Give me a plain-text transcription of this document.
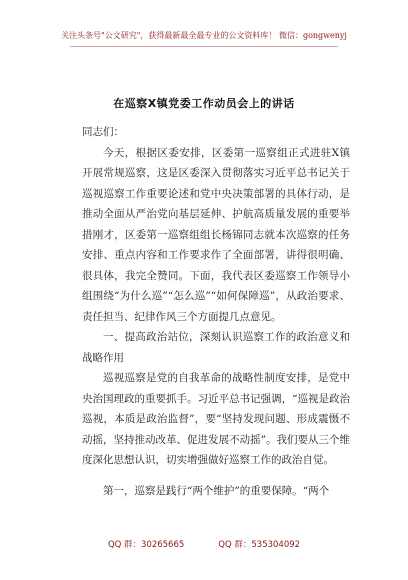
关注头条号"公文研究"，获得最新最全最专业的公文资料库！ 微信：gongwenyj
在巡察X镇党委工作动员会上的讲话

同志们：

今天，根据区委安排，区委第一巡察组正式进驻X镇开展常规巡察，这是区委深入贯彻落实习近平总书记关于巡视巡察工作重要论述和党中央决策部署的具体行动，是推动全面从严治党向基层延伸、护航高质量发展的重要举措刚才，区委第一巡察组组长杨锦同志就本次巡察的任务安排、重点内容和工作要求作了全面部署，讲得很明确、很具体，我完全赞同。下面，我代表区委巡察工作领导小组围绕“为什么巡”“怎么巡”“如何保障巡”，从政治要求、责任担当、纪律作风三个方面提几点意见。

一、提高政治站位，深刻认识巡察工作的政治意义和战略作用

巡视巡察是党的自我革命的战略性制度安排，是党中央治国理政的重要抓手。习近平总书记强调，“巡视是政治巡视，本质是政治监督”，要“坚持发现问题、形成震慑不动摇，坚持推动改革、促进发展不动摇”。我们要从三个维度深化思想认识，切实增强做好巡察工作的政治自觉。

第一，巡察是践行“两个维护”的重要保障。“两个

QQ 群：30265665	QQ 群：535304092
